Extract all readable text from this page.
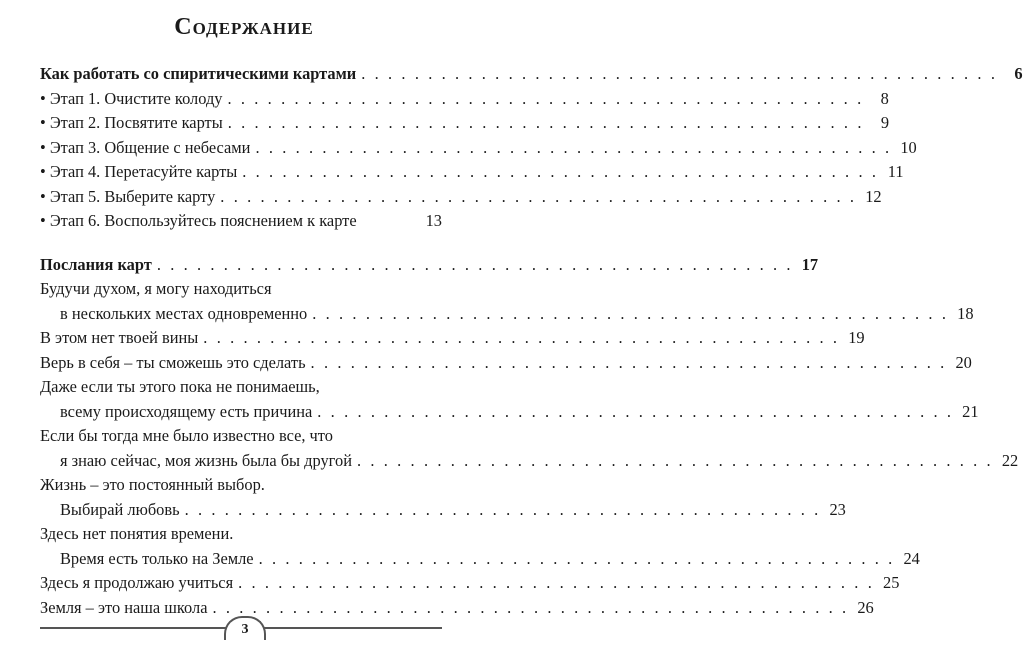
Содержание
Как работать со спиритическими картами . . . . . . . . . . . . . . . . . . . . . . . . . . . . . . . . . . . . . . . . . . . . . . . .	6
• Этап 1. Очистите колоду . . . . . . . . . . . . . . . . . . . . . . . . . . . . . . . . . . . . . . . . . . . . . . . .	8
• Этап 2. Посвятите карты . . . . . . . . . . . . . . . . . . . . . . . . . . . . . . . . . . . . . . . . . . . . . . . .	9
• Этап 3. Общение с небесами . . . . . . . . . . . . . . . . . . . . . . . . . . . . . . . . . . . . . . . . . . . . . . . . 10
• Этап 4. Перетасуйте карты . . . . . . . . . . . . . . . . . . . . . . . . . . . . . . . . . . . . . . . . . . . . . . . . 11
• Этап 5. Выберите карту . . . . . . . . . . . . . . . . . . . . . . . . . . . . . . . . . . . . . . . . . . . . . . . . 12
• Этап 6. Воспользуйтесь пояснением к карте	13
Послания карт . . . . . . . . . . . . . . . . . . . . . . . . . . . . . . . . . . . . . . . . . . . . . . . . 17
Будучи духом, я могу находиться
в нескольких местах одновременно . . . . . . . . . . . . . . . . . . . . . . . . . . . . . . . . . . . . . . . . . . . . . . . . 18
В этом нет твоей вины . . . . . . . . . . . . . . . . . . . . . . . . . . . . . . . . . . . . . . . . . . . . . . . . 19
Верь в себя – ты сможешь это сделать . . . . . . . . . . . . . . . . . . . . . . . . . . . . . . . . . . . . . . . . . . . . . . . . 20
Даже если ты этого пока не понимаешь,
всему происходящему есть причина . . . . . . . . . . . . . . . . . . . . . . . . . . . . . . . . . . . . . . . . . . . . . . . . 21
Если бы тогда мне было известно все, что
я знаю сейчас, моя жизнь была бы другой . . . . . . . . . . . . . . . . . . . . . . . . . . . . . . . . . . . . . . . . . . . . . . . . 22
Жизнь – это постоянный выбор.
Выбирай любовь . . . . . . . . . . . . . . . . . . . . . . . . . . . . . . . . . . . . . . . . . . . . . . . . 23
Здесь нет понятия времени.
Время есть только на Земле . . . . . . . . . . . . . . . . . . . . . . . . . . . . . . . . . . . . . . . . . . . . . . . . 24
Здесь я продолжаю учиться . . . . . . . . . . . . . . . . . . . . . . . . . . . . . . . . . . . . . . . . . . . . . . . . 25
Земля – это наша школа . . . . . . . . . . . . . . . . . . . . . . . . . . . . . . . . . . . . . . . . . . . . . . . . 26
3
